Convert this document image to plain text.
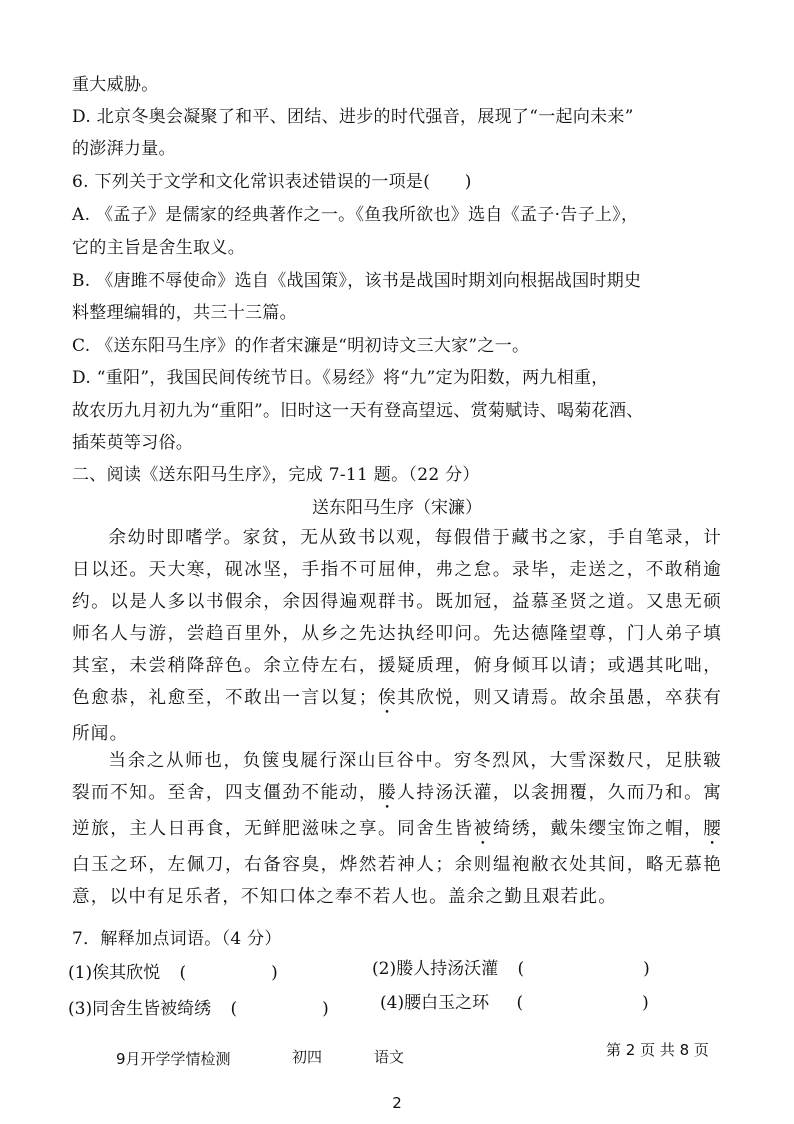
重大威胁。
D. 北京冬奥会凝聚了和平、团结、进步的时代强音，展现了“一起向未来”
的澎湃力量。
6. 下列关于文学和文化常识表述错误的一项是(　　)
A. 《孟子》是儒家的经典著作之一。《鱼我所欲也》选自《孟子·告子上》，
它的主旨是舍生取义。
B. 《唐雎不辱使命》选自《战国策》，该书是战国时期刘向根据战国时期史
料整理编辑的，共三十三篇。
C. 《送东阳马生序》的作者宋濂是“明初诗文三大家”之一。
D. “重阳”，我国民间传统节日。《易经》将“九”定为阳数，两九相重，
故农历九月初九为“重阳”。旧时这一天有登高望远、赏菊赋诗、喝菊花酒、
插茱萸等习俗。
二、阅读《送东阳马生序》，完成 7-11 题。（22 分）
送东阳马生序（宋濂）
余幼时即嗜学。家贫，无从致书以观，每假借于藏书之家，手自笔录，计日以还。天大寒，砚冰坚，手指不可屈伸，弗之怠。录毕，走送之，不敢稍逾约。以是人多以书假余，余因得遍观群书。既加冠，益慕圣贤之道。又患无硕师名人与游，尝趋百里外，从乡之先达执经叩问。先达德隆望尊，门人弟子填其室，未尝稍降辞色。余立侍左右，援疑质理，俯身倾耳以请；或遇其叱咄，色愈恭，礼愈至，不敢出一言以复；俟其欣悦，则又请焉。故余虽愚，卒获有所闻。
当余之从师也，负箧曳屣行深山巨谷中。穷冬烈风，大雪深数尺，足肤皲裂而不知。至舍，四支僵劲不能动，媵人持汤沃灌，以衾拥覆，久而乃和。寓逆旅，主人日再食，无鲜肥滋味之享。同舍生皆被绮绣，戴朱缨宝饰之帽，腰白玉之环，左佩刀，右备容臭，烨然若神人；余则缊袍敝衣处其间，略无慕艳意，以中有足乐者，不知口体之奉不若人也。盖余之勤且艰若此。
7．解释加点词语。（4 分）
(1)俟其欣悦 (　　　　　)	(2)媵人持汤沃灌 (　　　　　　　)
(3)同舍生皆被绮绣 (　　　　　)	(4)腰白玉之环 (　　　　　　　)
9月开学学情检测	初四	语文	第 2 页 共 8 页
2
